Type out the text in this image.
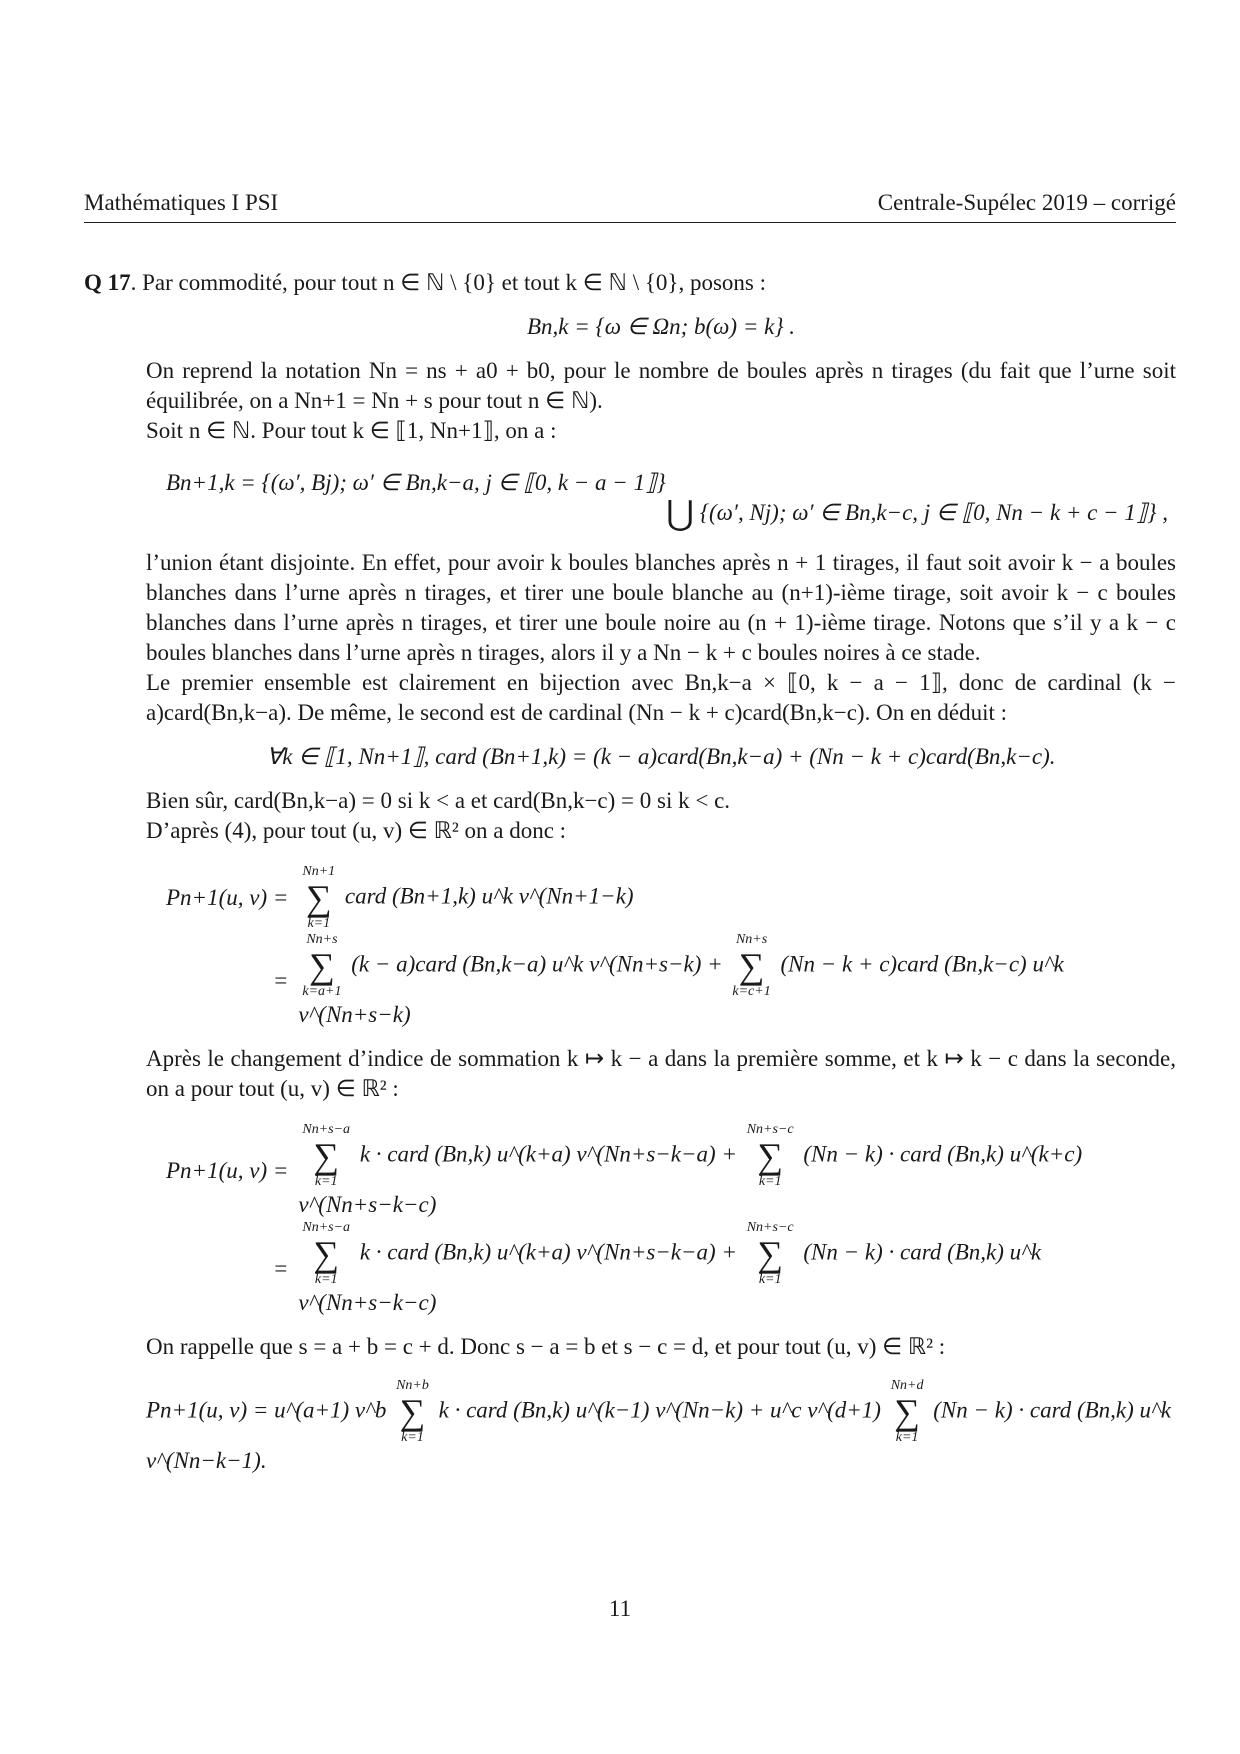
Mathématiques I PSI	Centrale-Supélec 2019 – corrigé

Q 17. Par commodité, pour tout n ∈ ℕ \ {0} et tout k ∈ ℕ \ {0}, posons :

Bn,k = {ω ∈ Ωn; b(ω) = k} .

On reprend la notation Nn = ns + a0 + b0, pour le nombre de boules après n tirages (du fait que l’urne soit équilibrée, on a Nn+1 = Nn + s pour tout n ∈ ℕ).

Soit n ∈ ℕ. Pour tout k ∈ ⟦1, Nn+1⟧, on a :

Bn+1,k = {(ω′, Bj); ω′ ∈ Bn,k−a, j ∈ ⟦0, k − a − 1⟧}
⋃ {(ω′, Nj); ω′ ∈ Bn,k−c, j ∈ ⟦0, Nn − k + c − 1⟧} ,

l’union étant disjointe. En effet, pour avoir k boules blanches après n + 1 tirages, il faut soit avoir k − a boules blanches dans l’urne après n tirages, et tirer une boule blanche au (n+1)-ième tirage, soit avoir k − c boules blanches dans l’urne après n tirages, et tirer une boule noire au (n + 1)-ième tirage. Notons que s’il y a k − c boules blanches dans l’urne après n tirages, alors il y a Nn − k + c boules noires à ce stade.

Le premier ensemble est clairement en bijection avec Bn,k−a × ⟦0, k − a − 1⟧, donc de cardinal (k − a)card(Bn,k−a). De même, le second est de cardinal (Nn − k + c)card(Bn,k−c). On en déduit :

∀k ∈ ⟦1, Nn+1⟧, card (Bn+1,k) = (k − a)card(Bn,k−a) + (Nn − k + c)card(Bn,k−c).

Bien sûr, card(Bn,k−a) = 0 si k < a et card(Bn,k−c) = 0 si k < c.

D’après (4), pour tout (u, v) ∈ ℝ² on a donc :

Pn+1(u, v) =
Nn+1
∑
k=1
card (Bn+1,k) u^k v^(Nn+1−k)
=
Nn+s
∑
k=a+1
(k − a)card (Bn,k−a) u^k v^(Nn+s−k) +
Nn+s
∑
k=c+1
(Nn − k + c)card (Bn,k−c) u^k v^(Nn+s−k)

Après le changement d’indice de sommation k ↦ k − a dans la première somme, et k ↦ k − c dans la seconde, on a pour tout (u, v) ∈ ℝ² :

Pn+1(u, v) =
Nn+s−a
∑
k=1
k · card (Bn,k) u^(k+a) v^(Nn+s−k−a) +
Nn+s−c
∑
k=1
(Nn − k) · card (Bn,k) u^(k+c) v^(Nn+s−k−c)
=
Nn+s−a
∑
k=1
k · card (Bn,k) u^(k+a) v^(Nn+s−k−a) +
Nn+s−c
∑
k=1
(Nn − k) · card (Bn,k) u^k v^(Nn+s−k−c)

On rappelle que s = a + b = c + d. Donc s − a = b et s − c = d, et pour tout (u, v) ∈ ℝ² :

Pn+1(u, v) = u^(a+1) v^b
Nn+b
∑
k=1
k · card (Bn,k) u^(k−1) v^(Nn−k) + u^c v^(d+1)
Nn+d
∑
k=1
(Nn − k) · card (Bn,k) u^k v^(Nn−k−1).
11
